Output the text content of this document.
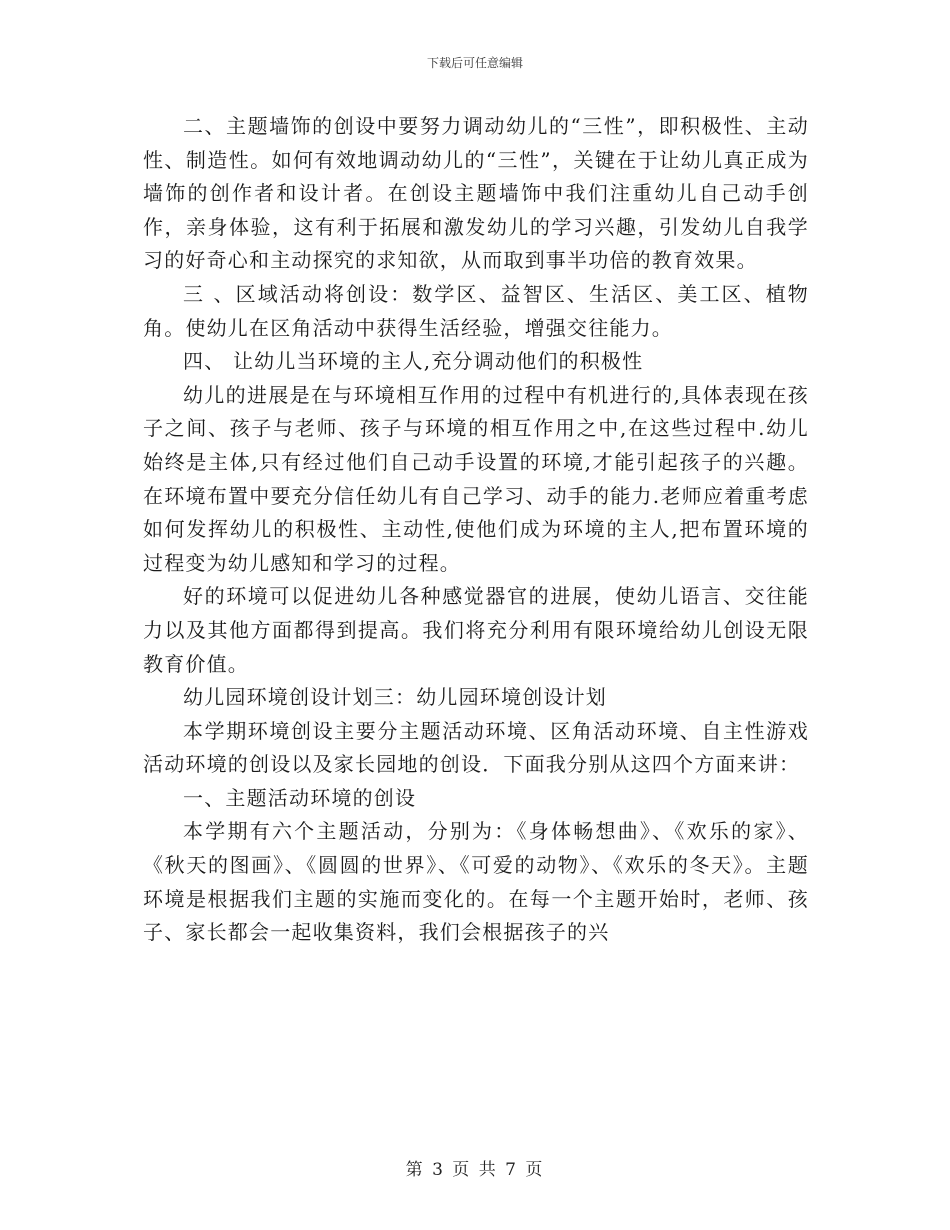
下载后可任意编辑

二、主题墙饰的创设中要努力调动幼儿的“三性”，即积极性、主动性、制造性。如何有效地调动幼儿的“三性”，关键在于让幼儿真正成为墙饰的创作者和设计者。在创设主题墙饰中我们注重幼儿自己动手创作，亲身体验，这有利于拓展和激发幼儿的学习兴趣，引发幼儿自我学习的好奇心和主动探究的求知欲，从而取到事半功倍的教育效果。

三 、区域活动将创设：数学区、益智区、生活区、美工区、植物角。使幼儿在区角活动中获得生活经验，增强交往能力。

四、 让幼儿当环境的主人,充分调动他们的积极性

幼儿的进展是在与环境相互作用的过程中有机进行的,具体表现在孩子之间、孩子与老师、孩子与环境的相互作用之中,在这些过程中.幼儿始终是主体,只有经过他们自己动手设置的环境,才能引起孩子的兴趣。在环境布置中要充分信任幼儿有自己学习、动手的能力.老师应着重考虑如何发挥幼儿的积极性、主动性,使他们成为环境的主人,把布置环境的过程变为幼儿感知和学习的过程。

好的环境可以促进幼儿各种感觉器官的进展，使幼儿语言、交往能力以及其他方面都得到提高。我们将充分利用有限环境给幼儿创设无限教育价值。

幼儿园环境创设计划三：幼儿园环境创设计划

本学期环境创设主要分主题活动环境、区角活动环境、自主性游戏活动环境的创设以及家长园地的创设．下面我分别从这四个方面来讲：

一、主题活动环境的创设

本学期有六个主题活动，分别为：《身体畅想曲》、《欢乐的家》、《秋天的图画》、《圆圆的世界》、《可爱的动物》、《欢乐的冬天》。主题环境是根据我们主题的实施而变化的。在每一个主题开始时，老师、孩子、家长都会一起收集资料，我们会根据孩子的兴

第 3 页 共 7 页
